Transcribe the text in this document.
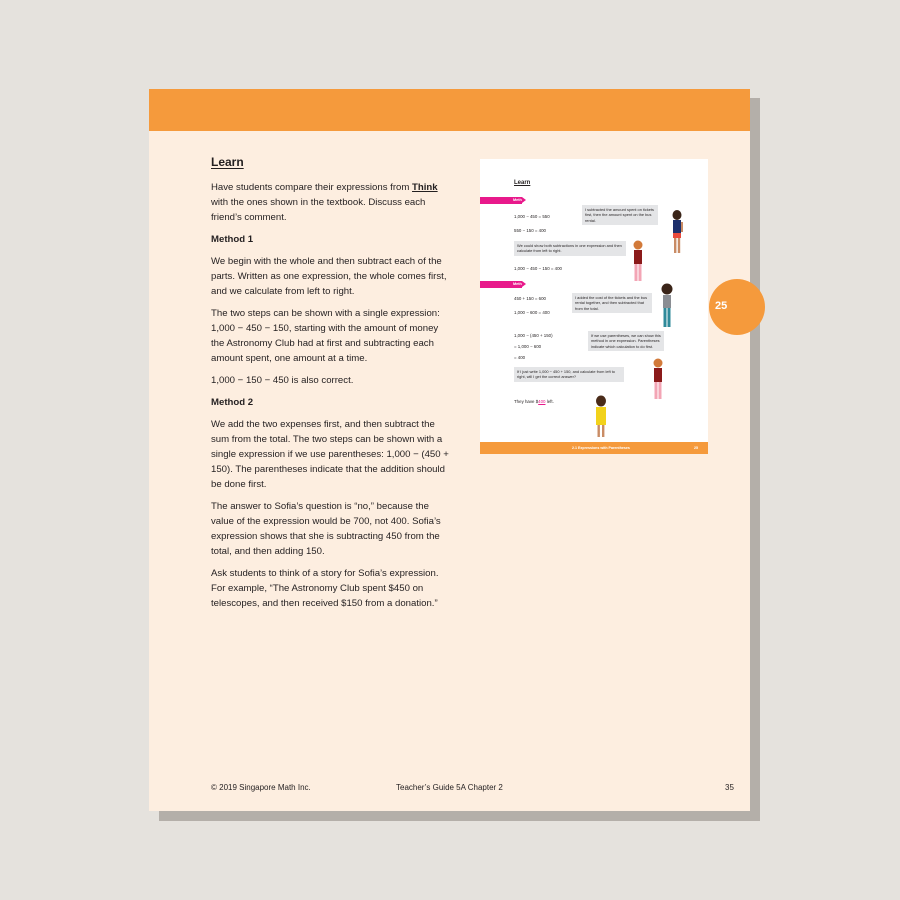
Learn

Have students compare their expressions from Think with the ones shown in the textbook. Discuss each friend’s comment.

Method 1

We begin with the whole and then subtract each of the parts. Written as one expression, the whole comes first, and we calculate from left to right.

The two steps can be shown with a single expression: 1,000 − 450 − 150, starting with the amount of money the Astronomy Club had at first and subtracting each amount spent, one amount at a time.

1,000 − 150 − 450 is also correct.

Method 2

We add the two expenses first, and then subtract the sum from the total. The two steps can be shown with a single expression if we use parentheses: 1,000 − (450 + 150). The parentheses indicate that the addition should be done first.

The answer to Sofia’s question is “no,” because the value of the expression would be 700, not 400. Sofia’s expression shows that she is subtracting 450 from the total, and then adding 150.

Ask students to think of a story for Sofia’s expression. For example, “The Astronomy Club spent $450 on telescopes, and then received $150 from a donation.”

Learn
Method 1
1,000 − 450 = 550
550 − 150 = 400
I subtracted the amount spent on tickets first, then the amount spent on the bus rental.
We could show both subtractions in one expression and then calculate from left to right.
1,000 − 450 − 150 = 400
Method 2
450 + 150 = 600
1,000 − 600 = 400
I added the cost of the tickets and the bus rental together, and then subtracted that from the total.
1,000 − (450 + 150)
= 1,000 − 600
= 400
If we use parentheses, we can show this method in one expression. Parentheses indicate which calculation to do first.
If I just write 1,000 − 450 + 150, and calculate from left to right, will I get the correct answer?
They have $400 left.
2.1 Expressions with Parentheses	25
© 2019 Singapore Math Inc.	Teacher’s Guide 5A Chapter 2	35
25
